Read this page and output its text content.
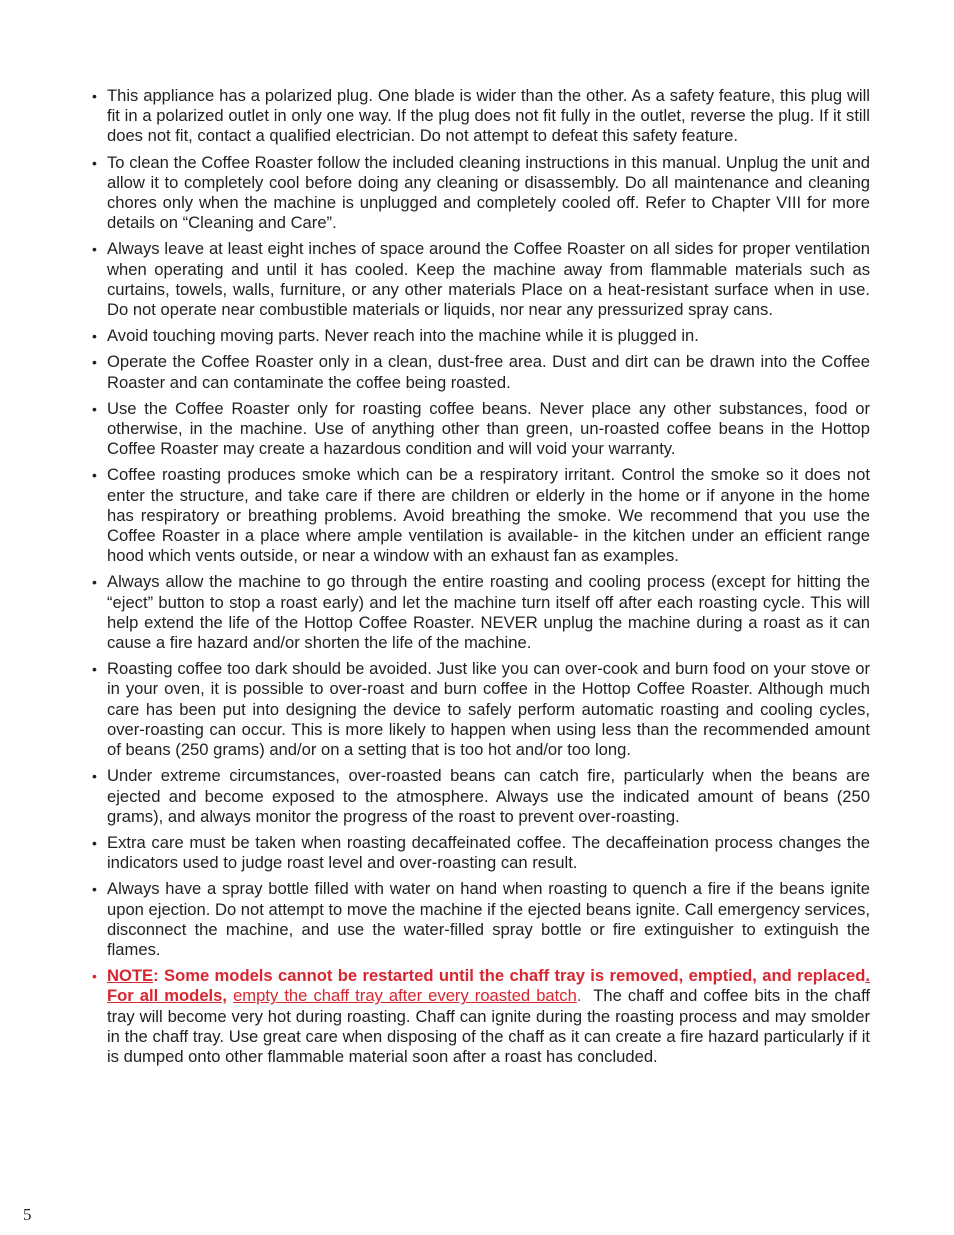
• This appliance has a polarized plug. One blade is wider than the other. As a safety feature, this plug will fit in a polarized outlet in only one way. If the plug does not fit fully in the outlet, reverse the plug. If it still does not fit, contact a qualified electrician. Do not attempt to defeat this safety feature.
• To clean the Coffee Roaster follow the included cleaning instructions in this manual. Unplug the unit and allow it to completely cool before doing any cleaning or disassembly. Do all maintenance and cleaning chores only when the machine is unplugged and completely cooled off. Refer to Chapter VIII for more details on “Cleaning and Care”.
• Always leave at least eight inches of space around the Coffee Roaster on all sides for proper ventilation when operating and until it has cooled. Keep the machine away from flammable materials such as curtains, towels, walls, furniture, or any other materials Place on a heat-resistant surface when in use. Do not operate near combustible materials or liquids, nor near any pressurized spray cans.
• Avoid touching moving parts. Never reach into the machine while it is plugged in.
• Operate the Coffee Roaster only in a clean, dust-free area. Dust and dirt can be drawn into the Coffee Roaster and can contaminate the coffee being roasted.
• Use the Coffee Roaster only for roasting coffee beans. Never place any other substances, food or otherwise, in the machine. Use of anything other than green, un-roasted coffee beans in the Hottop Coffee Roaster may create a hazardous condition and will void your warranty.
• Coffee roasting produces smoke which can be a respiratory irritant. Control the smoke so it does not enter the structure, and take care if there are children or elderly in the home or if anyone in the home has respiratory or breathing problems. Avoid breathing the smoke. We recommend that you use the Coffee Roaster in a place where ample ventilation is available- in the kitchen under an efficient range hood which vents outside, or near a window with an exhaust fan as examples.
• Always allow the machine to go through the entire roasting and cooling process (except for hitting the “eject” button to stop a roast early) and let the machine turn itself off after each roasting cycle. This will help extend the life of the Hottop Coffee Roaster. NEVER unplug the machine during a roast as it can cause a fire hazard and/or shorten the life of the machine.
• Roasting coffee too dark should be avoided. Just like you can over-cook and burn food on your stove or in your oven, it is possible to over-roast and burn coffee in the Hottop Coffee Roaster. Although much care has been put into designing the device to safely perform automatic roasting and cooling cycles, over-roasting can occur. This is more likely to happen when using less than the recommended amount of beans (250 grams) and/or on a setting that is too hot and/or too long.
• Under extreme circumstances, over-roasted beans can catch fire, particularly when the beans are ejected and become exposed to the atmosphere. Always use the indicated amount of beans (250 grams), and always monitor the progress of the roast to prevent over-roasting.
• Extra care must be taken when roasting decaffeinated coffee. The decaffeination process changes the indicators used to judge roast level and over-roasting can result.
• Always have a spray bottle filled with water on hand when roasting to quench a fire if the beans ignite upon ejection. Do not attempt to move the machine if the ejected beans ignite. Call emergency services, disconnect the machine, and use the water-filled spray bottle or fire extinguisher to extinguish the flames.
• NOTE: Some models cannot be restarted until the chaff tray is removed, emptied, and replaced. For all models, empty the chaff tray after every roasted batch.  The chaff and coffee bits in the chaff tray will become very hot during roasting. Chaff can ignite during the roasting process and may smolder in the chaff tray. Use great care when disposing of the chaff as it can create a fire hazard particularly if it is dumped onto other flammable material soon after a roast has concluded.
5
